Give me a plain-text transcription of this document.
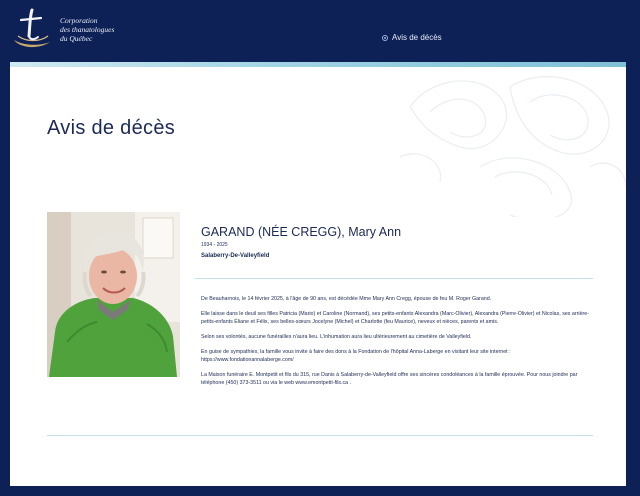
Corporation
des thanatologues
du Québec	Avis de décès
Avis de décès
GARAND (NÉE CREGG), Mary Ann
1934 - 2025
Salaberry-De-Valleyfield

De Beauharnois, le 14 février 2025, à l'âge de 90 ans, est décédée Mme Mary Ann Cregg, épouse de feu M. Roger Garand.

Elle laisse dans le deuil ses filles Patricia (Mario) et Caroline (Normand), ses petits-enfants Alexandra (Marc-Olivier), Alexandra (Pierre-Olivier) et Nicolas, ses arrière-petits-enfants Éliane et Félix, ses belles-sœurs Jocelyne (Michel) et Charlotte (feu Maurice), neveux et nièces, parents et amis.

Selon ses volontés, aucune funérailles n'aura lieu. L'inhumation aura lieu ultérieurement au cimetière de Valleyfield.

En guise de sympathies, la famille vous invite à faire des dons à la Fondation de l'hôpital Anna-Laberge en visitant leur site internet : https://www.fondationannalaberge.com/

La Maison funéraire E. Montpetit et fils du 315, rue Danis à Salaberry-de-Valleyfield offre ses sincères condoléances à la famille éprouvée. Pour nous joindre par téléphone (450) 373-3511 ou via le web www.emontpetit-fils.ca .
